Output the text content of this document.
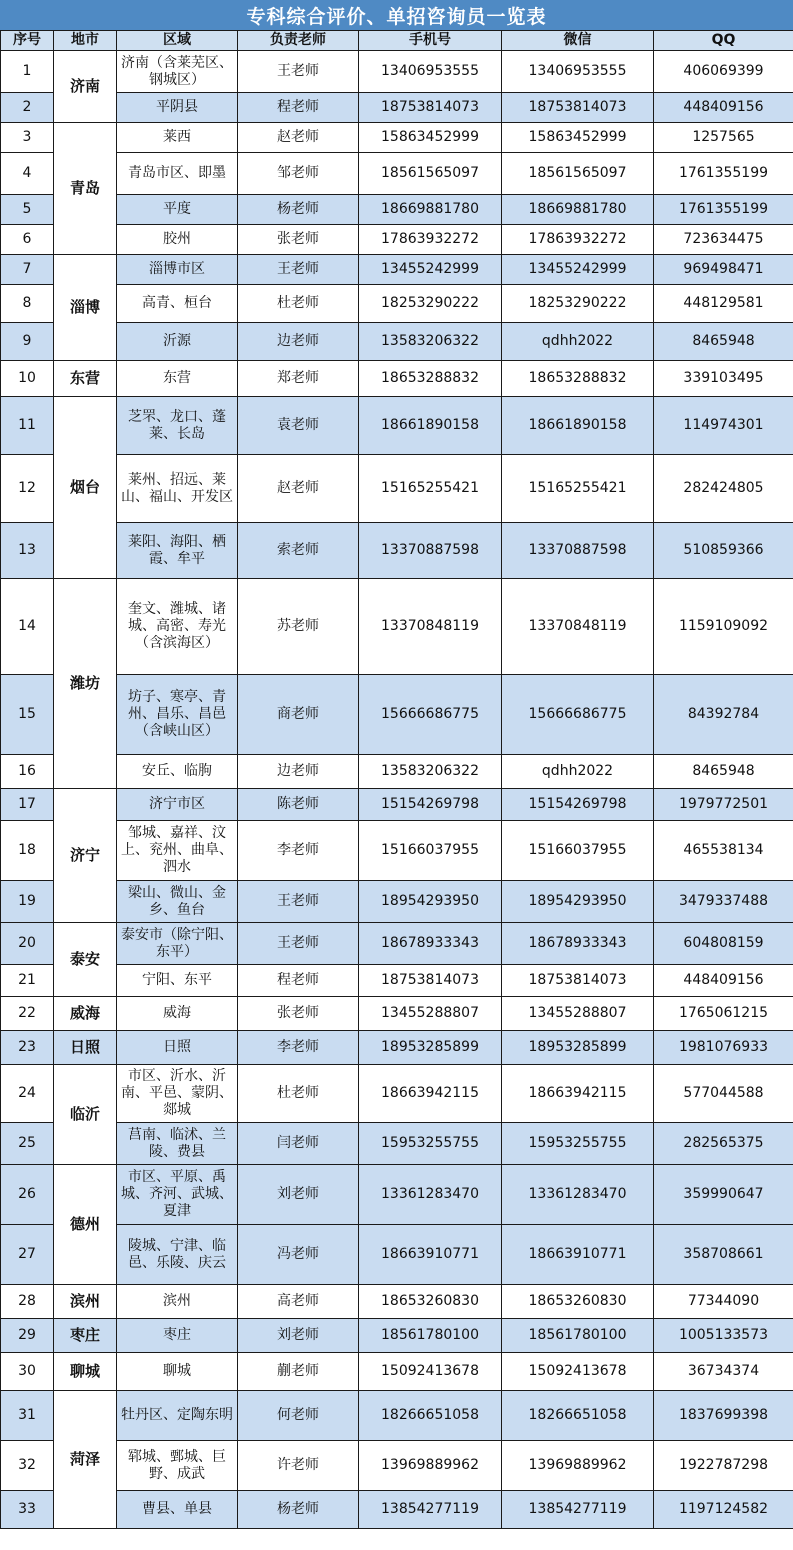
专科综合评价、单招咨询员一览表
序号	地市	区域	负责老师	手机号	微信	QQ
1	济南	济南（含莱芜区、钢城区）	王老师	13406953555	13406953555	406069399
2		平阴县	程老师	18753814073	18753814073	448409156
3	青岛	莱西	赵老师	15863452999	15863452999	1257565
4		青岛市区、即墨	邹老师	18561565097	18561565097	1761355199
5		平度	杨老师	18669881780	18669881780	1761355199
6		胶州	张老师	17863932272	17863932272	723634475
7	淄博	淄博市区	王老师	13455242999	13455242999	969498471
8		高青、桓台	杜老师	18253290222	18253290222	448129581
9		沂源	边老师	13583206322	qdhh2022	8465948
10	东营	东营	郑老师	18653288832	18653288832	339103495
11	烟台	芝罘、龙口、蓬莱、长岛	袁老师	18661890158	18661890158	114974301
12		莱州、招远、莱山、福山、开发区	赵老师	15165255421	15165255421	282424805
13		莱阳、海阳、栖霞、牟平	索老师	13370887598	13370887598	510859366
14	潍坊	奎文、潍城、诸城、高密、寿光（含滨海区）	苏老师	13370848119	13370848119	1159109092
15		坊子、寒亭、青州、昌乐、昌邑（含峡山区）	商老师	15666686775	15666686775	84392784
16		安丘、临朐	边老师	13583206322	qdhh2022	8465948
17	济宁	济宁市区	陈老师	15154269798	15154269798	1979772501
18		邹城、嘉祥、汶上、兖州、曲阜、泗水	李老师	15166037955	15166037955	465538134
19		梁山、微山、金乡、鱼台	王老师	18954293950	18954293950	3479337488
20	泰安	泰安市（除宁阳、东平）	王老师	18678933343	18678933343	604808159
21		宁阳、东平	程老师	18753814073	18753814073	448409156
22	威海	威海	张老师	13455288807	13455288807	1765061215
23	日照	日照	李老师	18953285899	18953285899	1981076933
24	临沂	市区、沂水、沂南、平邑、蒙阴、郯城	杜老师	18663942115	18663942115	577044588
25		莒南、临沭、兰陵、费县	闫老师	15953255755	15953255755	282565375
26	德州	市区、平原、禹城、齐河、武城、夏津	刘老师	13361283470	13361283470	359990647
27		陵城、宁津、临邑、乐陵、庆云	冯老师	18663910771	18663910771	358708661
28	滨州	滨州	高老师	18653260830	18653260830	77344090
29	枣庄	枣庄	刘老师	18561780100	18561780100	1005133573
30	聊城	聊城	蒯老师	15092413678	15092413678	36734374
31	菏泽	牡丹区、定陶东明	何老师	18266651058	18266651058	1837699398
32		郓城、鄄城、巨野、成武	许老师	13969889962	13969889962	1922787298
33		曹县、单县	杨老师	13854277119	13854277119	1197124582
